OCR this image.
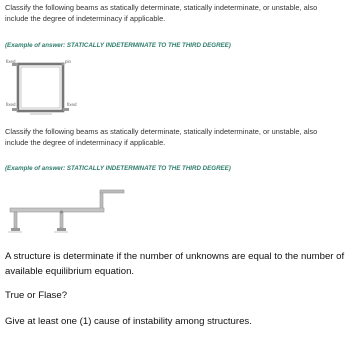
Classify the following beams as statically determinate, statically indeterminate, or unstable, also include the degree of indeterminacy if applicable.
(Example of answer: STATICALLY INDETERMINATE TO THE THIRD DEGREE)
fixed	pin
fixed	fixed
Classify the following beams as statically determinate, statically indeterminate, or unstable, also include the degree of indeterminacy if applicable.
(Example of answer: STATICALLY INDETERMINATE TO THE THIRD DEGREE)
A structure is determinate if the number of unknowns are equal to the number of available equilibrium equation.
True or Flase?
Give at least one (1) cause of instability among structures.
